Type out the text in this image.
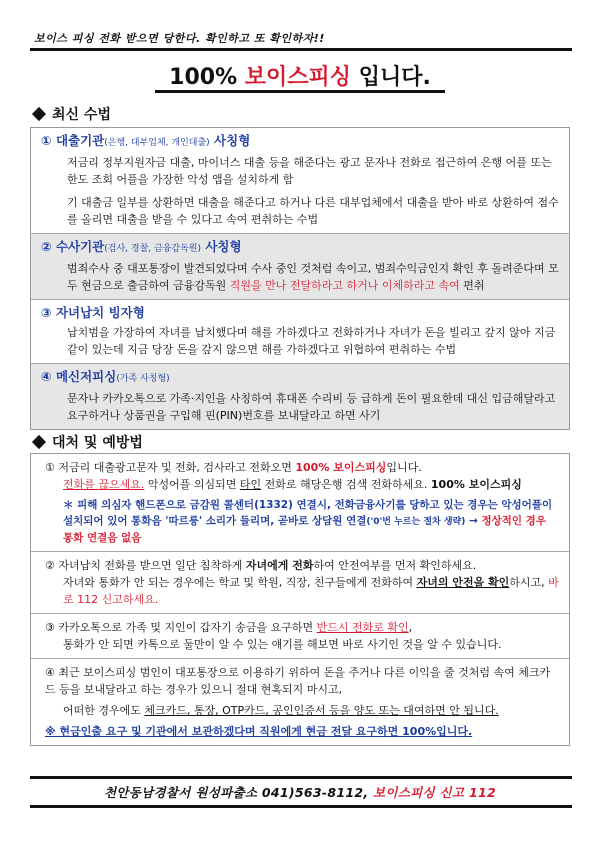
보이스 피싱 전화 받으면 당한다. 확인하고 또 확인하자!!
100% 보이스피싱 입니다.
최신 수법
① 대출기관(은행, 대부업체, 개인대출) 사칭형

저금리 정부지원자금 대출, 마이너스 대출 등을 해준다는 광고 문자나 전화로 접근하여 은행 어플 또는 한도 조회 어플을 가장한 악성 앱을 설치하게 함

기 대출금 일부를 상환하면 대출을 해준다고 하거나 다른 대부업체에서 대출을 받아 바로 상환하여 점수를 올리면 대출을 받을 수 있다고 속여 편취하는 수법

② 수사기관(검사, 경찰, 금융감독원) 사칭형
범죄수사 중 대포통장이 발견되었다며 수사 중인 것처럼 속이고, 범죄수익금인지 확인 후 돌려준다며 모두 현금으로 출금하여 금융감독원 직원을 만나 전달하라고 하거나 이체하라고 속여 편취
③ 자녀납치 빙자형
납치범을 가장하여 자녀를 납치했다며 해를 가하겠다고 전화하거나 자녀가 돈을 빌리고 갚지 않아 지금 같이 있는데 지금 당장 돈을 갚지 않으면 해를 가하겠다고 위협하여 편취하는 수법
④ 메신저피싱(가족 사칭형)
문자나 카카오톡으로 가족·지인을 사칭하여 휴대폰 수리비 등 급하게 돈이 필요한데 대신 입금해달라고 요구하거나 상품권을 구입해 핀(PIN)번호를 보내달라고 하면 사기
대처 및 예방법
① 저금리 대출광고문자 및 전화, 검사라고 전화오면 100% 보이스피싱입니다.
전화를 끊으세요. 악성어플 의심되면 타인 전화로 해당은행 검색 전화하세요. 100% 보이스피싱
＊ 피해 의심자 핸드폰으로 금감원 콜센터(1332) 연결시, 전화금융사기를 당하고 있는 경우는 악성어플이 설치되어 있어 통화음 '따르릉' 소리가 들리며, 곧바로 상담원 연결('0'번 누르는 절차 생략) → 정상적인 경우 통화 연결음 없음
② 자녀납치 전화를 받으면 일단 침착하게 자녀에게 전화하여 안전여부를 먼저 확인하세요.
자녀와 통화가 안 되는 경우에는 학교 및 학원, 직장, 친구들에게 전화하여 자녀의 안전을 확인하시고, 바로 112 신고하세요.
③ 카카오톡으로 가족 및 지인이 갑자기 송금을 요구하면 반드시 전화로 확인,
통화가 안 되면 카톡으로 둘만이 알 수 있는 얘기를 해보면 바로 사기인 것을 알 수 있습니다.
④ 최근 보이스피싱 범인이 대포통장으로 이용하기 위하여 돈을 주거나 다른 이익을 줄 것처럼 속여 체크카드 등을 보내달라고 하는 경우가 있으니 절대 현혹되지 마시고,
어떠한 경우에도 체크카드, 통장, OTP카드, 공인인증서 등을 양도 또는 대여하면 안 됩니다.
※ 현금인출 요구 및 기관에서 보관하겠다며 직원에게 현금 전달 요구하면 100%입니다.
천안동남경찰서 원성파출소 041)563-8112, 보이스피싱 신고 112
